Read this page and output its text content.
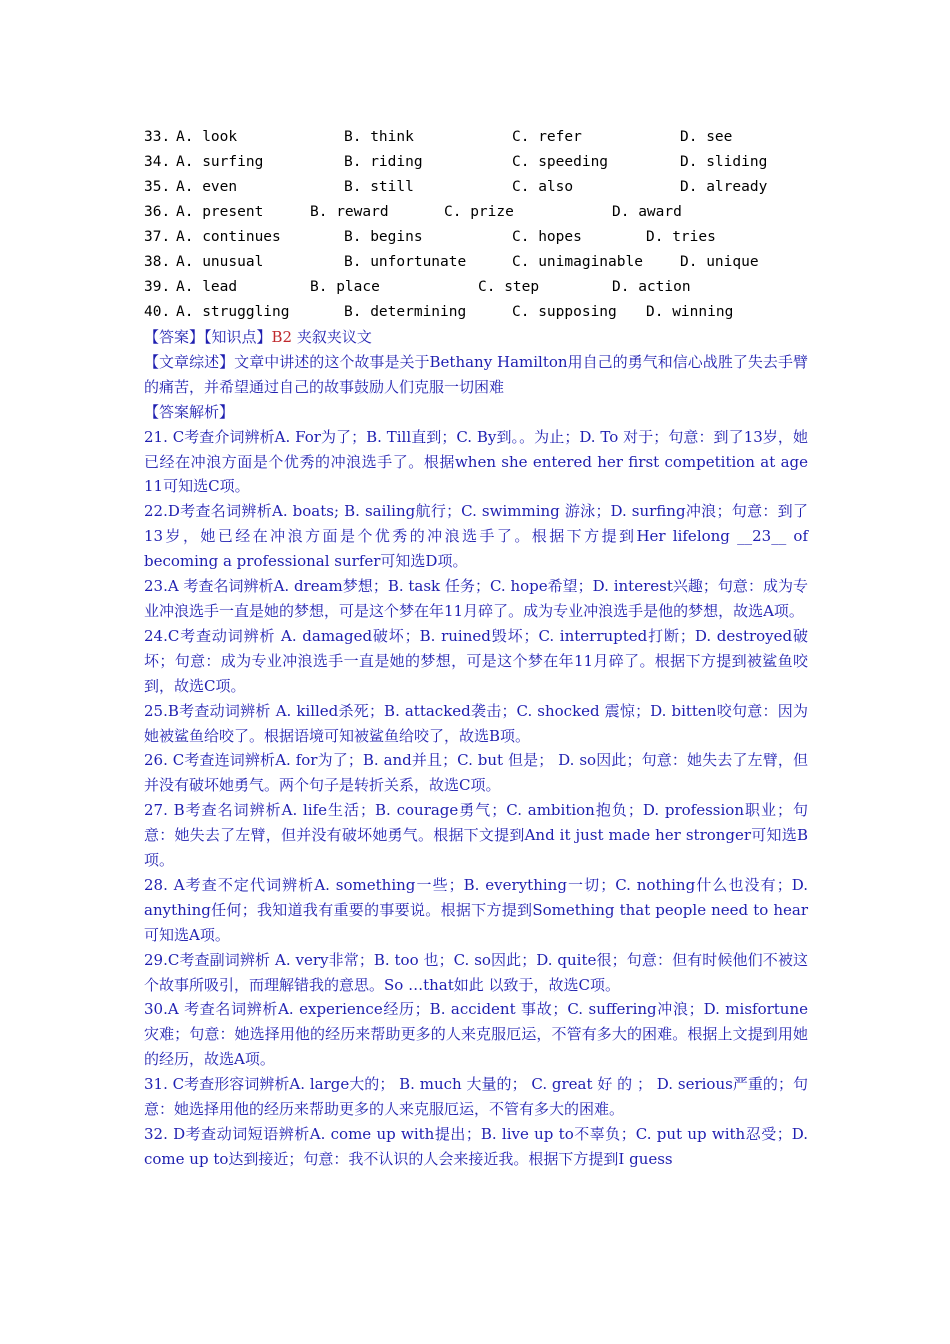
33. A. look	B. think	C. refer	D. see
34. A. surfing	B. riding	C. speeding	D. sliding
35. A. even	B. still	C. also	D. already
36. A. present	B. reward	C. prize	D. award
37. A. continues	B. begins	C. hopes	D. tries
38. A. unusual	B. unfortunate	C. unimaginable	D. unique
39. A. lead	B. place	C. step	D. action
40. A. struggling	B. determining	C. supposing D. winning
【答案】【知识点】B2 夹叙夹议文
【文章综述】文章中讲述的这个故事是关于Bethany Hamilton用自己的勇气和信心战胜了失去手臂的痛苦，并希望通过自己的故事鼓励人们克服一切困难
【答案解析】
21. C考查介词辨析A. For为了；B. Till直到；C. By到。。为止；D. To 对于；句意：到了13岁，她已经在冲浪方面是个优秀的冲浪选手了。根据when she entered her first competition at age 11可知选C项。
22.D考查名词辨析A. boats; B. sailing航行；C. swimming 游泳；D. surfing冲浪；句意：到了13岁，她已经在冲浪方面是个优秀的冲浪选手了。根据下方提到Her lifelong __23__ of becoming a professional surfer可知选D项。
23.A 考查名词辨析A. dream梦想；B. task 任务；C. hope希望；D. interest兴趣；句意：成为专业冲浪选手一直是她的梦想，可是这个梦在年11月碎了。成为专业冲浪选手是他的梦想，故选A项。
24.C考查动词辨析 A. damaged破坏；B. ruined毁坏；C. interrupted打断；D. destroyed破坏；句意：成为专业冲浪选手一直是她的梦想，可是这个梦在年11月碎了。根据下方提到被鲨鱼咬到，故选C项。
25.B考查动词辨析 A. killed杀死；B. attacked袭击；C. shocked 震惊；D. bitten咬句意：因为她被鲨鱼给咬了。根据语境可知被鲨鱼给咬了，故选B项。
26. C考查连词辨析A. for为了；B. and并且；C. but 但是； D. so因此；句意：她失去了左臂，但并没有破坏她勇气。两个句子是转折关系，故选C项。
27. B考查名词辨析A. life生活；B. courage勇气；C. ambition抱负；D. profession职业；句意：她失去了左臂，但并没有破坏她勇气。根据下文提到And it just made her stronger可知选B项。
28. A考查不定代词辨析A. something一些；B. everything一切；C. nothing什么也没有；D. anything任何；我知道我有重要的事要说。根据下方提到Something that people need to hear可知选A项。
29.C考查副词辨析 A. very非常；B. too 也；C. so因此；D. quite很；句意：但有时候他们不被这个故事所吸引，而理解错我的意思。So …that如此 以致于，故选C项。
30.A 考查名词辨析A. experience经历；B. accident 事故；C. suffering冲浪；D. misfortune灾难；句意：她选择用他的经历来帮助更多的人来克服厄运，不管有多大的困难。根据上文提到用她的经历，故选A项。
31. C考查形容词辨析A. large大的； B. much 大量的； C. great 好 的 ； D. serious严重的；句意：她选择用他的经历来帮助更多的人来克服厄运，不管有多大的困难。
32. D考查动词短语辨析A. come up with提出；B. live up to不辜负；C. put up with忍受；D. come up to达到接近；句意：我不认识的人会来接近我。根据下方提到I guess
